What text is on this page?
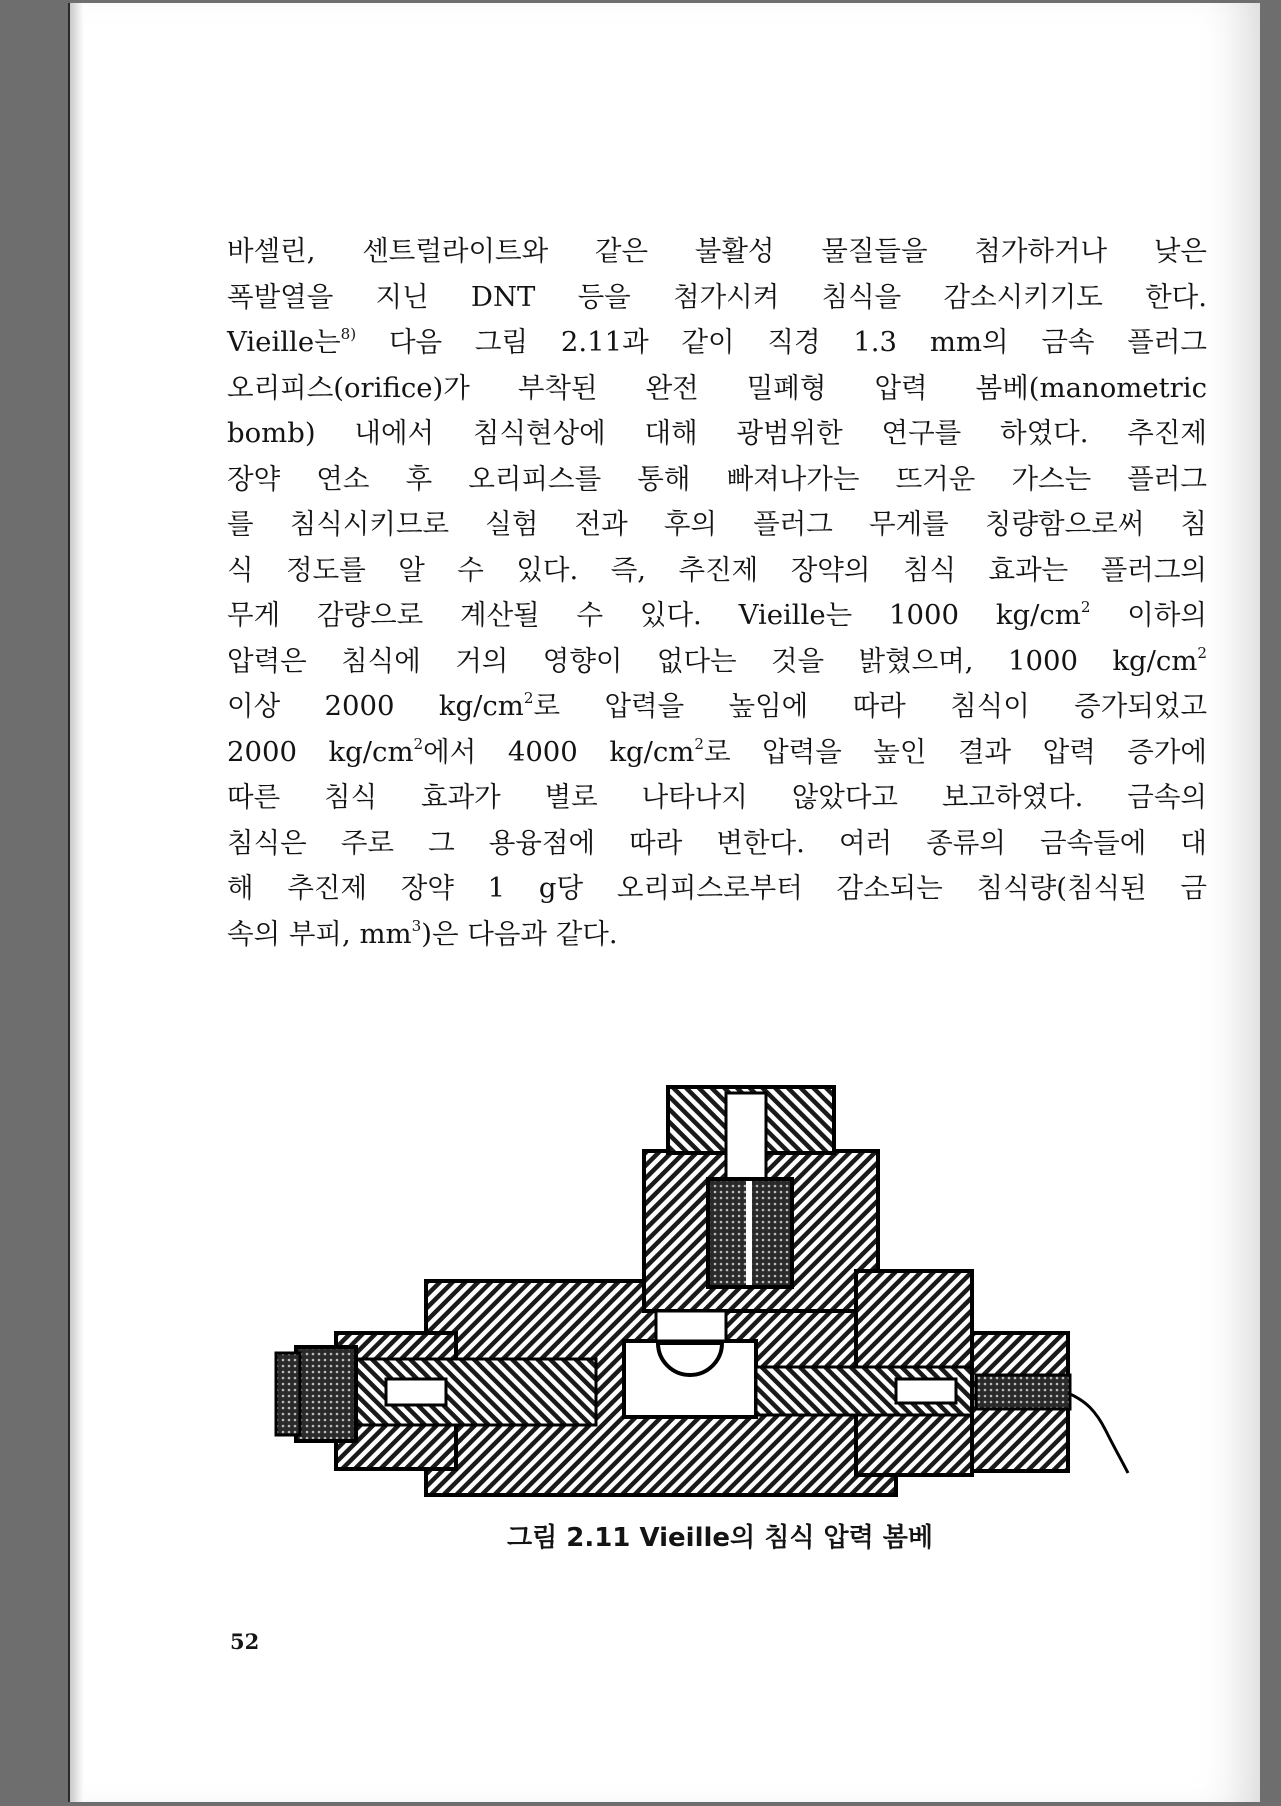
바셀린, 센트럴라이트와 같은 불활성 물질들을 첨가하거나 낮은
폭발열을 지닌 DNT 등을 첨가시켜 침식을 감소시키기도 한다.
Vieille는$^{8)}$ 다음 그림 2.11과 같이 직경 1.3 mm의 금속 플러그
오리피스(orifice)가 부착된 완전 밀폐형 압력 봄베(manometric
bomb) 내에서 침식현상에 대해 광범위한 연구를 하였다. 추진제
장약 연소 후 오리피스를 통해 빠져나가는 뜨거운 가스는 플러그
를 침식시키므로 실험 전과 후의 플러그 무게를 칭량함으로써 침
식 정도를 알 수 있다. 즉, 추진제 장약의 침식 효과는 플러그의
무게 감량으로 계산될 수 있다. Vieille는 1000 $kg/cm^2$ 이하의
압력은 침식에 거의 영향이 없다는 것을 밝혔으며, 1000 $kg/cm^2$
이상 2000 $kg/cm^2$로 압력을 높임에 따라 침식이 증가되었고
2000 $kg/cm^2$에서 4000 $kg/cm^2$로 압력을 높인 결과 압력 증가에
따른 침식 효과가 별로 나타나지 않았다고 보고하였다. 금속의
침식은 주로 그 용융점에 따라 변한다. 여러 종류의 금속들에 대
해 추진제 장약 1 g당 오리피스로부터 감소되는 침식량(침식된 금
속의 부피, $mm^3$)은 다음과 같다.

그림 2.11 Vieille의 침식 압력 봄베
52
